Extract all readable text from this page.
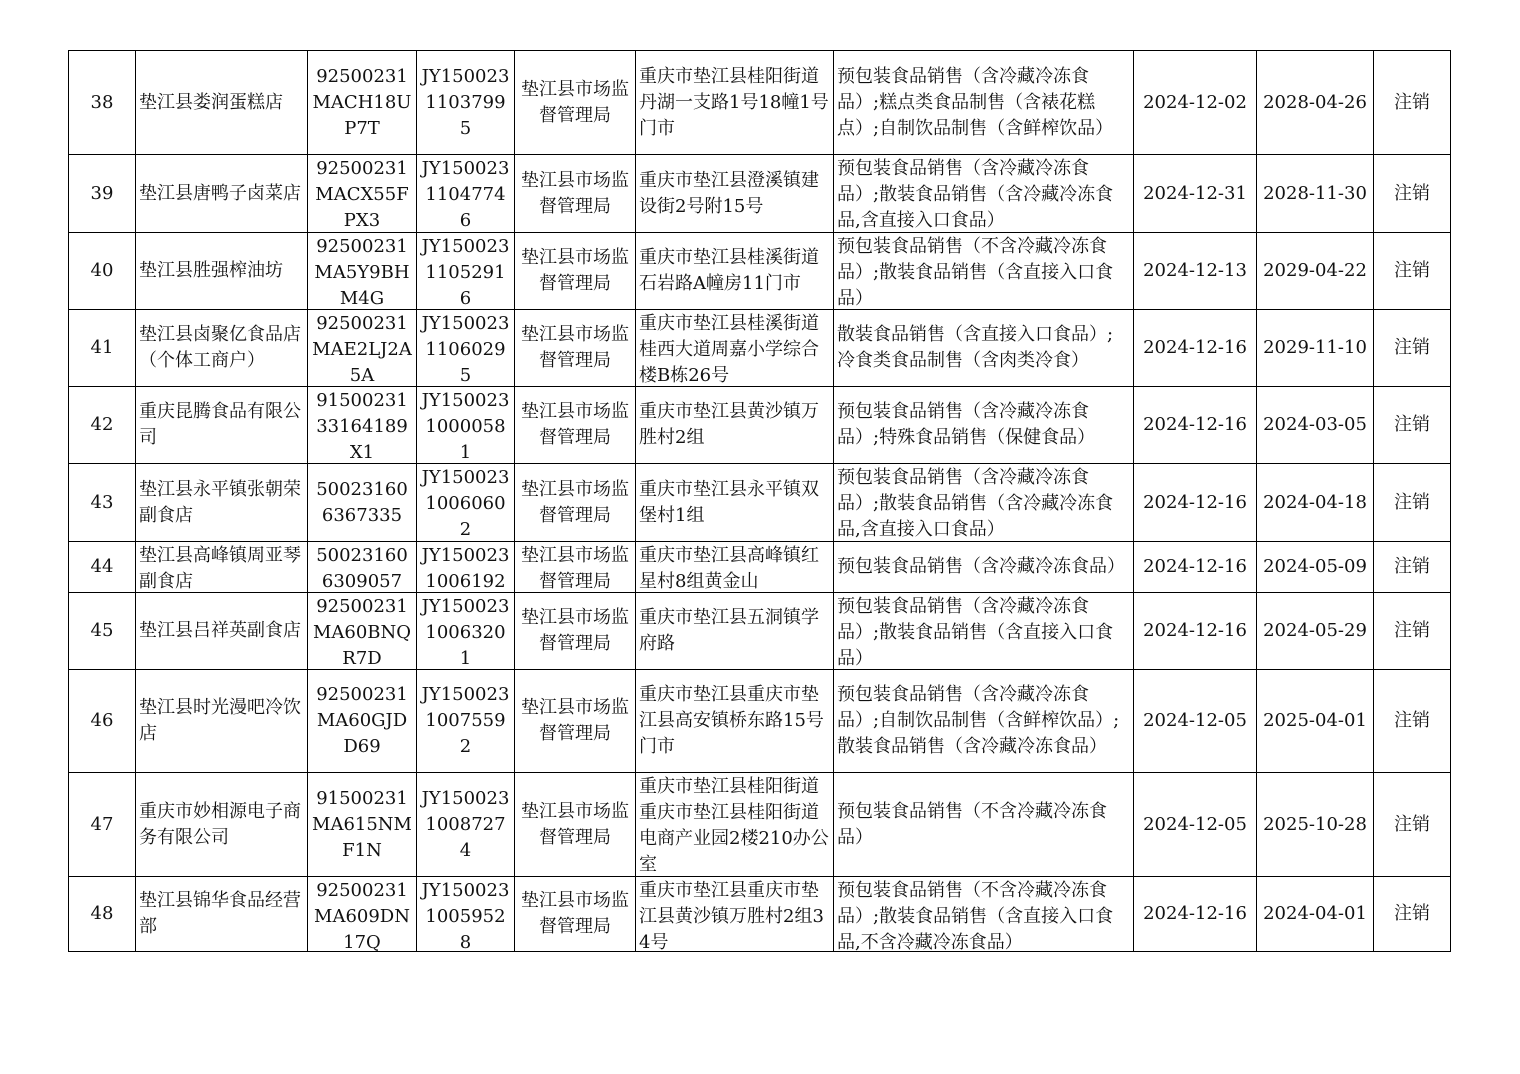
38	垫江县娄润蛋糕店	92500231MACH18UP7T	JY15002311037995	垫江县市场监督管理局	重庆市垫江县桂阳街道丹湖一支路1号18幢1号门市	预包装食品销售（含冷藏冷冻食品）;糕点类食品制售（含裱花糕点）;自制饮品制售（含鲜榨饮品）	2024-12-02	2028-04-26	注销

39	垫江县唐鸭子卤菜店	92500231MACX55FPX3	JY15002311047746	垫江县市场监督管理局	重庆市垫江县澄溪镇建设街2号附15号	预包装食品销售（含冷藏冷冻食品）;散装食品销售（含冷藏冷冻食品,含直接入口食品）	2024-12-31	2028-11-30	注销

40	垫江县胜强榨油坊	92500231MA5Y9BHM4G	JY15002311052916	垫江县市场监督管理局	重庆市垫江县桂溪街道石岩路A幢房11门市	预包装食品销售（不含冷藏冷冻食品）;散装食品销售（含直接入口食品）	2024-12-13	2029-04-22	注销

41	垫江县卤聚亿食品店（个体工商户）	92500231MAE2LJ2A5A	JY15002311060295	垫江县市场监督管理局	重庆市垫江县桂溪街道桂西大道周嘉小学综合楼B栋26号	散装食品销售（含直接入口食品）;冷食类食品制售（含肉类冷食）	2024-12-16	2029-11-10	注销

42	重庆昆腾食品有限公司	9150023133164189X1	JY15002310000581	垫江县市场监督管理局	重庆市垫江县黄沙镇万胜村2组	预包装食品销售（含冷藏冷冻食品）;特殊食品销售（保健食品）	2024-12-16	2024-03-05	注销

43	垫江县永平镇张朝荣副食店	500231606367335	JY15002310060602	垫江县市场监督管理局	重庆市垫江县永平镇双堡村1组	预包装食品销售（含冷藏冷冻食品）;散装食品销售（含冷藏冷冻食品,含直接入口食品）	2024-12-16	2024-04-18	注销

44	垫江县高峰镇周亚琴副食店	500231606309057	JY1500231006192	垫江县市场监督管理局	重庆市垫江县高峰镇红星村8组黄金山	预包装食品销售（含冷藏冷冻食品）	2024-12-16	2024-05-09	注销

45	垫江县吕祥英副食店	92500231MA60BNQR7D	JY15002310063201	垫江县市场监督管理局	重庆市垫江县五洞镇学府路	预包装食品销售（含冷藏冷冻食品）;散装食品销售（含直接入口食品）	2024-12-16	2024-05-29	注销

46	垫江县时光漫吧冷饮店	92500231MA60GJDD69	JY15002310075592	垫江县市场监督管理局	重庆市垫江县重庆市垫江县高安镇桥东路15号门市	预包装食品销售（含冷藏冷冻食品）;自制饮品制售（含鲜榨饮品）;散装食品销售（含冷藏冷冻食品）	2024-12-05	2025-04-01	注销

47	重庆市妙相源电子商务有限公司	91500231MA615NMF1N	JY15002310087274	垫江县市场监督管理局	重庆市垫江县桂阳街道重庆市垫江县桂阳街道电商产业园2楼210办公室	预包装食品销售（不含冷藏冷冻食品）	2024-12-05	2025-10-28	注销

48	垫江县锦华食品经营部	92500231MA609DN17Q	JY15002310059528	垫江县市场监督管理局	重庆市垫江县重庆市垫江县黄沙镇万胜村2组34号	预包装食品销售（不含冷藏冷冻食品）;散装食品销售（含直接入口食品,不含冷藏冷冻食品）	2024-12-16	2024-04-01	注销
